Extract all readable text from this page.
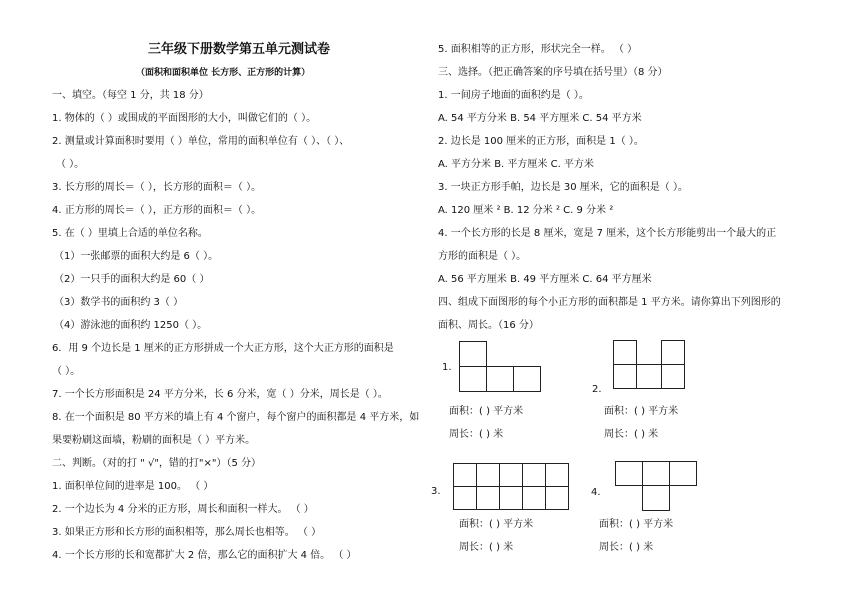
三年级下册数学第五单元测试卷
（面积和面积单位 长方形、正方形的计算）
一、填空。（每空 1 分，共 18 分）
1. 物体的（ ）或围成的平面图形的大小，叫做它们的（ ）。
2. 测量或计算面积时要用（ ）单位，常用的面积单位有（ ）、（ ）、
（ ）。
3. 长方形的周长＝（ ），长方形的面积＝（ ）。
4. 正方形的周长＝（ ），正方形的面积＝（ ）。
5. 在（ ）里填上合适的单位名称。
（1）一张邮票的面积大约是 6（ ）。
（2）一只手的面积大约是 60（ ）
（3）数学书的面积约 3（ ）
（4）游泳池的面积约 1250（ ）。
6．用 9 个边长是 1 厘米的正方形拼成一个大正方形，这个大正方形的面积是
（ ）。
7. 一个长方形面积是 24 平方分米，长 6 分米，宽（ ）分米，周长是（ ）。
8. 在一个面积是 80 平方米的墙上有 4 个窗户，每个窗户的面积都是 4 平方米，如
果要粉刷这面墙，粉刷的面积是（ ）平方米。
二、判断。（对的打 " √"，错的打"×"）（5 分）
1. 面积单位间的进率是 100。 （ ）
2. 一个边长为 4 分米的正方形，周长和面积一样大。 （ ）
3. 如果正方形和长方形的面积相等，那么周长也相等。 （ ）
4. 一个长方形的长和宽都扩大 2 倍，那么它的面积扩大 4 倍。 （ ）
5. 面积相等的正方形，形状完全一样。 （ ）
三、选择。（把正确答案的序号填在括号里）（8 分）
1. 一间房子地面的面积约是（ ）。
A. 54 平方分米 B. 54 平方厘米 C. 54 平方米
2. 边长是 100 厘米的正方形，面积是 1（ ）。
A. 平方分米 B. 平方厘米 C. 平方米
3. 一块正方形手帕，边长是 30 厘米，它的面积是（ ）。
A. 120 厘米 ² B. 12 分米 ² C. 9 分米 ²
4. 一个长方形的长是 8 厘米，宽是 7 厘米，这个长方形能剪出一个最大的正
方形的面积是（ ）。
A. 56 平方厘米 B. 49 平方厘米 C. 64 平方厘米
四、组成下面图形的每个小正方形的面积都是 1 平方米。请你算出下列图形的
面积、周长。（16 分）
1.
面积：( ) 平方米
周长：( ) 米
2.
面积：( ) 平方米
周长：( ) 米
3.
面积：( ) 平方米
周长：( ) 米
4.
面积：( ) 平方米
周长：( ) 米
